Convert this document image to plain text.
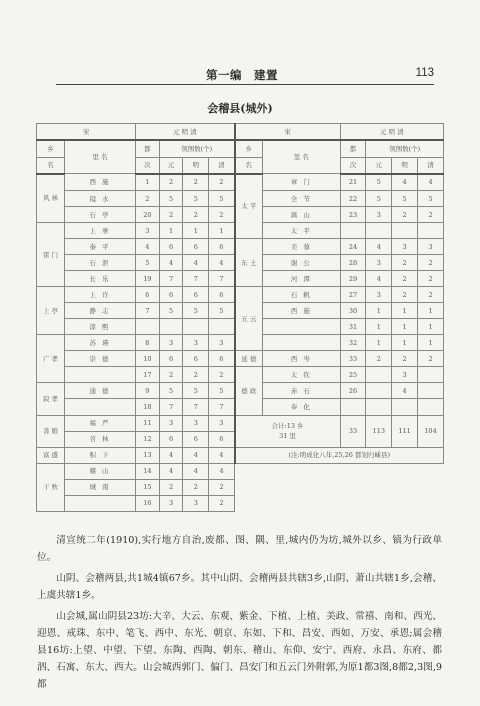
第一编　建置	113
会稽县(城外)
宋		元 明 清				宋		元 明 清			
乡	里 名	都	领图数(个)			乡	里 名	都	领图数(个)		
名		次	元	明	清	名		次	元	明	清
风 林	西 施	1	2	2	2	太 平	章 门	21	5	4	4
	镜 水	2	5	5	5		全 节	22	5	5	5
	石 亭	20	2	2	2		嵩 山	23	3	2	2
雷 门	上 拳	3	1	1	1		太 平				
	秦 平	4	6	6	6	东 土	美 蓉	24	4	3	3
	石 泄	5	4	4	4		谢 公	28	3	2	2
	长 乐	19	7	7	7		河 潭	29	4	2	2
上 亭	上 许	6	6	6	6	五 云	石 帆	27	3	2	2
	静 志	7	5	5	5		西 施	30	1	1	1
	淳 熙							31	1	1	1
广 孝	苏 瑛	8	3	3	3			32	1	1	1
	崇 德	10	6	6	6	延 德	西 岑	33	2	2	2
		17	2	2	2	德 政	太 钦	25		3	
寂 孝	通 德	9	5	5	5		赤 石	26		4	
		18	7	7	7		奉 化				
善 娘	福 严	11	3	3	3	合计:13 乡
31 里		33	113	111	104
	苕 林	12	6	6	6						
富 盛	积 下	13	4	4	4	(注:明成化八年,25,26 都划归嵊县)					
干 秋	稽 山	14	4	4	4						
	城 南	15	2	2	2						
		16	3	3	2						

清宣统二年(1910),实行地方自治,废都、图、隅、里,城内仍为坊,城外以乡、镇为行政单位。

山阴、会稽两县,共1城4镇67乡。其中山阴、会稽两县共辖3乡,山阴、萧山共辖1乡,会稽、上虞共辖1乡。

山会城,属山阴县23坊:大辛、大云、东观、紫金、下植、上植、美政、常禧、南和、西光、迎恩、戒珠、东中、笔飞、西中、东光、朝京、东如、下和、昌安、西如、万安、承恩;属会稽县16坊:上望、中望、下望、东陶、西陶、朝东、稽山、东仰、安宁、西府、永昌、东府、都泗、石寓、东大、西大。山会城西郭门、偏门、昌安门和五云门外附郭,为原1都3图,8都2,3图,9都
